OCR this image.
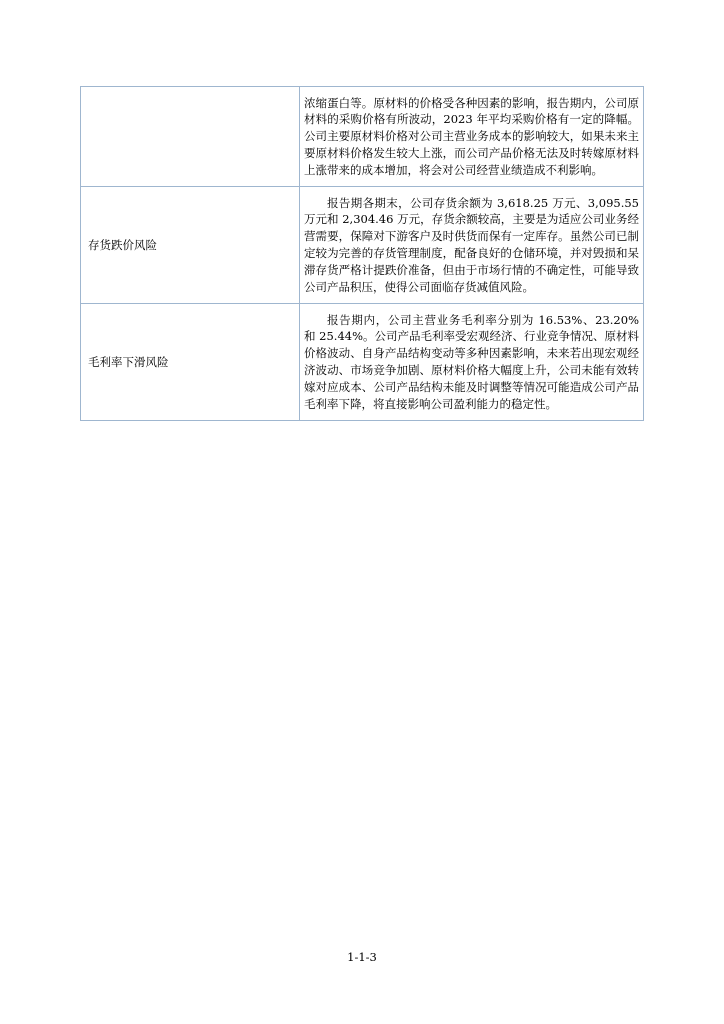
	浓缩蛋白等。原材料的价格受各种因素的影响，报告期内，公司原材料的采购价格有所波动，2023 年平均采购价格有一定的降幅。公司主要原材料价格对公司主营业务成本的影响较大，如果未来主要原材料价格发生较大上涨，而公司产品价格无法及时转嫁原材料上涨带来的成本增加，将会对公司经营业绩造成不利影响。

存货跌价风险	报告期各期末，公司存货余额为 3,618.25 万元、3,095.55 万元和 2,304.46 万元，存货余额较高，主要是为适应公司业务经营需要，保障对下游客户及时供货而保有一定库存。虽然公司已制定较为完善的存货管理制度，配备良好的仓储环境，并对毁损和呆滞存货严格计提跌价准备，但由于市场行情的不确定性，可能导致公司产品积压，使得公司面临存货减值风险。

毛利率下滑风险	报告期内，公司主营业务毛利率分别为 16.53%、23.20% 和 25.44%。公司产品毛利率受宏观经济、行业竞争情况、原材料价格波动、自身产品结构变动等多种因素影响，未来若出现宏观经济波动、市场竞争加剧、原材料价格大幅度上升，公司未能有效转嫁对应成本、公司产品结构未能及时调整等情况可能造成公司产品毛利率下降，将直接影响公司盈利能力的稳定性。
1-1-3
